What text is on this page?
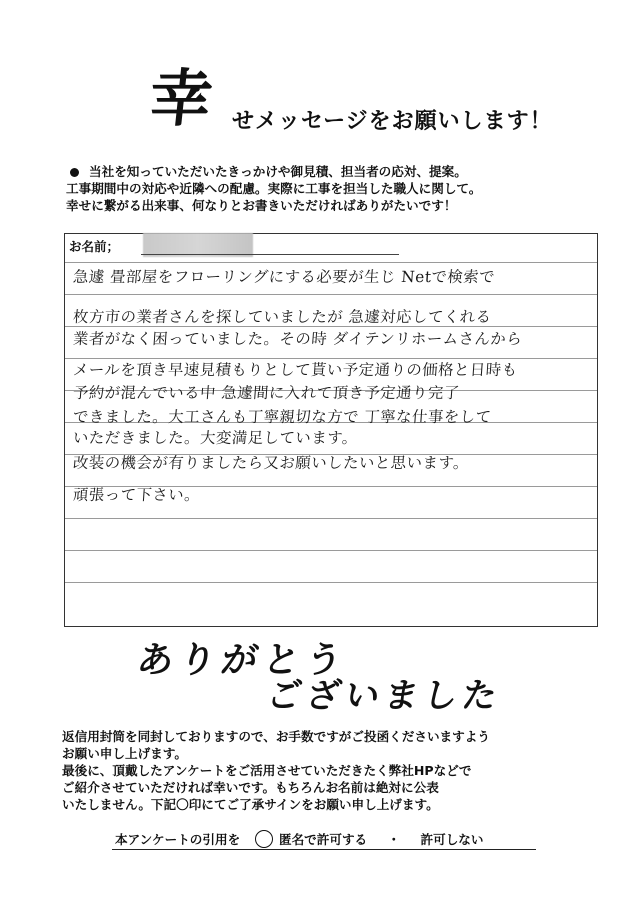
幸 せメッセージをお願いします！
当社を知っていただいたきっかけや御見積、担当者の応対、提案。
工事期間中の対応や近隣への配慮。実際に工事を担当した職人に関して。
幸せに繋がる出来事、何なりとお書きいただければありがたいです！
お名前；
急遽 畳部屋をフローリングにする必要が生じ Netで検索で
枚方市の業者さんを探していましたが 急遽対応してくれる
業者がなく困っていました。その時 ダイテンリホームさんから
メールを頂き早速見積もりとして貰い予定通りの価格と日時も
予約が混んでいる中 急遽間に入れて頂き予定通り完了
できました。大工さんも丁寧親切な方で 丁寧な仕事をして
いただきました。大変満足しています。
改装の機会が有りましたら又お願いしたいと思います。
頑張って下さい。
ありがとう
ございました
返信用封筒を同封しておりますので、お手数ですがご投函くださいますよう
お願い申し上げます。
最後に、頂戴したアンケートをご活用させていただきたく弊社HPなどで
ご紹介させていただければ幸いです。もちろんお名前は絶対に公表
いたしません。下記〇印にてご了承サインをお願い申し上げます。
本アンケートの引用を	匿名で許可する ・ 許可しない
